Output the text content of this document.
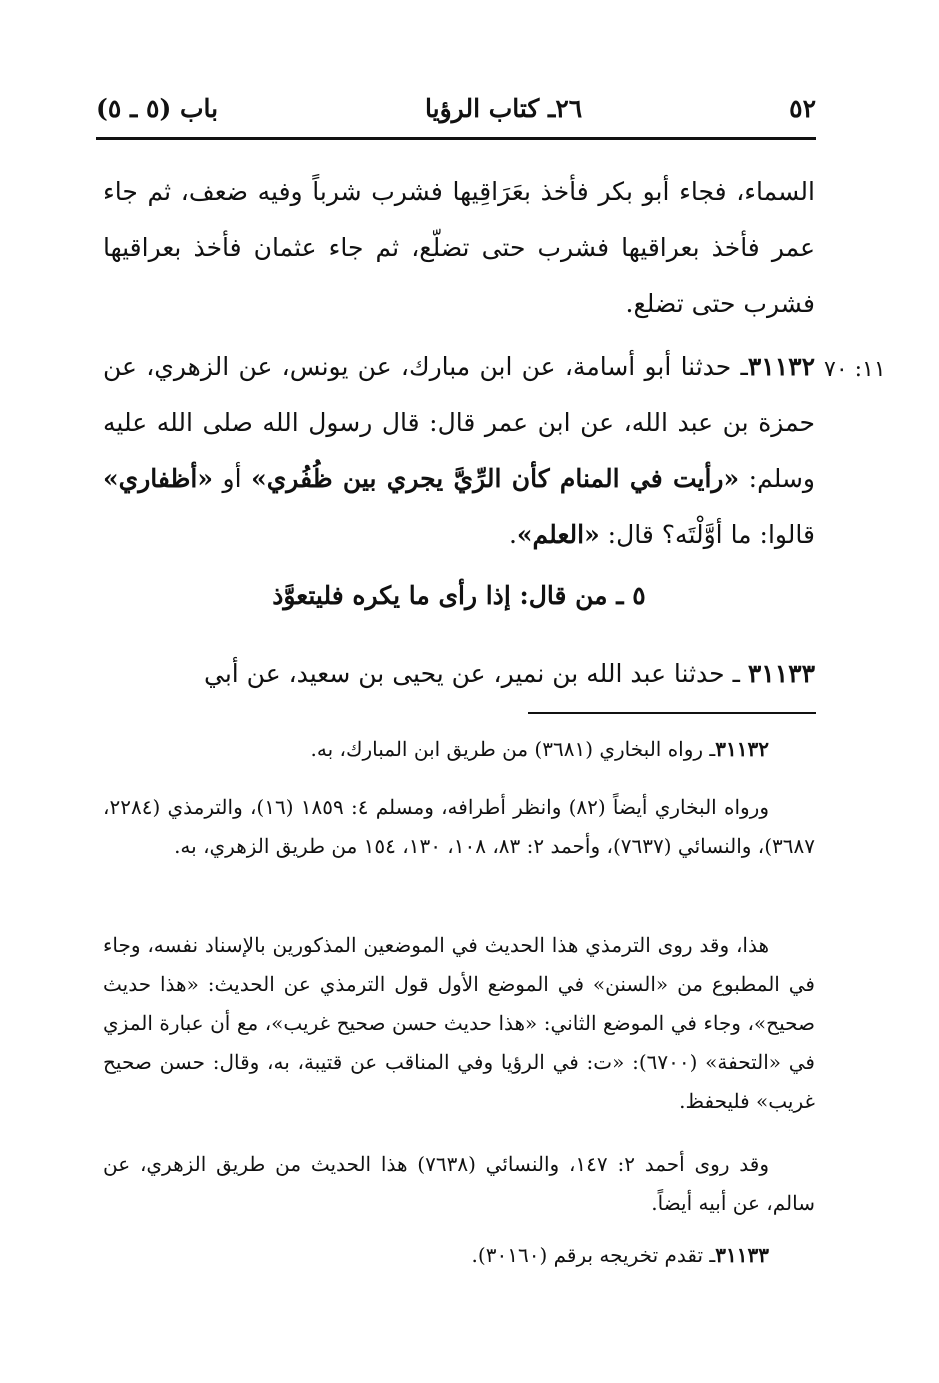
٥٢
٢٦ـ كتاب الرؤيا
باب (٥ ـ ٥)

السماء، فجاء أبو بكر فأخذ بعَرَاقِيها فشرب شرباً وفيه ضعف، ثم جاء عمر فأخذ بعراقيها فشرب حتى تضلّع، ثم جاء عثمان فأخذ بعراقيها فشرب حتى تضلع.

١١: ٧٠

٣١١٣٢ـ حدثنا أبو أسامة، عن ابن مبارك، عن يونس، عن الزهري، عن حمزة بن عبد الله، عن ابن عمر قال: قال رسول الله صلى الله عليه وسلم: «رأيت في المنام كأن الرِّيَّ يجري بين ظُفُري» أو «أظفاري» قالوا: ما أوَّلْتَه؟ قال: «العلم».

٥ ـ من قال: إذا رأى ما يكره فليتعوَّذ

٣١١٣٣ ـ حدثنا عبد الله بن نمير، عن يحيى بن سعيد، عن أبي

٣١١٣٢ـ رواه البخاري (٣٦٨١) من طريق ابن المبارك، به.

ورواه البخاري أيضاً (٨٢) وانظر أطرافه، ومسلم ٤: ١٨٥٩ (١٦)، والترمذي (٢٢٨٤، ٣٦٨٧)، والنسائي (٧٦٣٧)، وأحمد ٢: ٨٣، ١٠٨، ١٣٠، ١٥٤ من طريق الزهري، به.

هذا، وقد روى الترمذي هذا الحديث في الموضعين المذكورين بالإسناد نفسه، وجاء في المطبوع من «السنن» في الموضع الأول قول الترمذي عن الحديث: «هذا حديث صحيح»، وجاء في الموضع الثاني: «هذا حديث حسن صحيح غريب»، مع أن عبارة المزي في «التحفة» (٦٧٠٠): «ت: في الرؤيا وفي المناقب عن قتيبة، به، وقال: حسن صحيح غريب» فليحفظ.

وقد روى أحمد ٢: ١٤٧، والنسائي (٧٦٣٨) هذا الحديث من طريق الزهري، عن سالم، عن أبيه أيضاً.

٣١١٣٣ـ تقدم تخريجه برقم (٣٠١٦٠).
